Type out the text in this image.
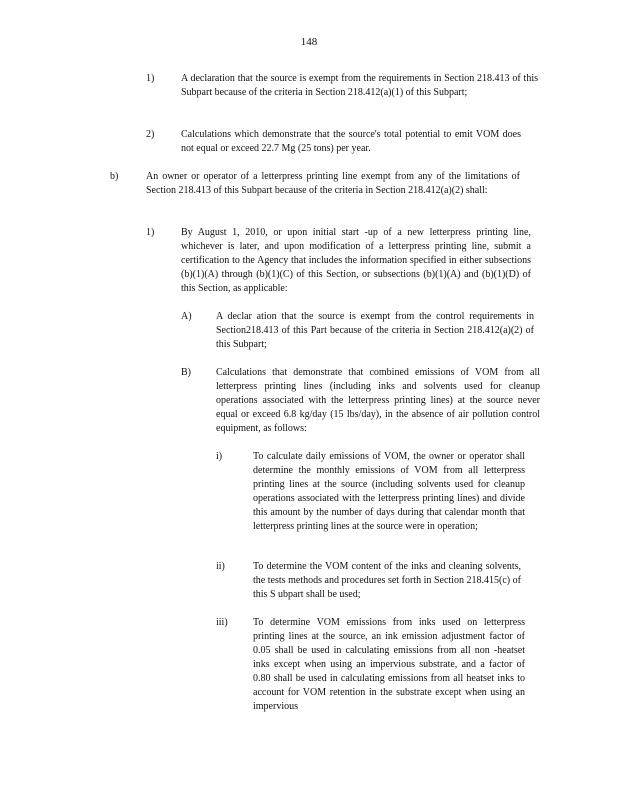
148
1)	A declaration that the source is exempt from the requirements in Section 218.413 of this Subpart because of the criteria in Section 218.412(a)(1) of this Subpart;
2)	Calculations which demonstrate that the source's total potential to emit VOM does not equal or exceed 22.7 Mg (25 tons) per year.
b)	An owner or operator of a letterpress printing line exempt from any of the limitations of Section 218.413 of this Subpart because of the criteria in Section 218.412(a)(2) shall:
1)	By August 1, 2010, or upon initial start -up of a new letterpress printing line, whichever is later, and upon modification of a letterpress printing line, submit a certification to the Agency that includes the information specified in either subsections (b)(1)(A) through (b)(1)(C) of this Section, or subsections (b)(1)(A) and (b)(1)(D) of this Section, as applicable:
A) A declar ation that the source is exempt from the control requirements in Section218.413 of this Part because of the criteria in Section 218.412(a)(2) of this Subpart;
B)	Calculations that demonstrate that combined emissions of VOM from all letterpress printing lines (including inks and solvents used for cleanup operations associated with the letterpress printing lines) at the source never equal or exceed 6.8 kg/day (15 lbs/day), in the absence of air pollution control equipment, as follows:
i)	To calculate daily emissions of VOM, the owner or operator shall determine the monthly emissions of VOM from all letterpress printing lines at the source (including solvents used for cleanup operations associated with the letterpress printing lines) and divide this amount by the number of days during that calendar month that letterpress printing lines at the source were in operation;
ii)	To determine the VOM content of the inks and cleaning solvents, the tests methods and procedures set forth in Section 218.415(c) of this S ubpart shall be used;
iii)	To determine VOM emissions from inks used on letterpress printing lines at the source, an ink emission adjustment factor of 0.05 shall be used in calculating emissions from all non -heatset inks except when using an impervious substrate, and a factor of 0.80 shall be used in calculating emissions from all heatset inks to account for VOM retention in the substrate except when using an impervious
